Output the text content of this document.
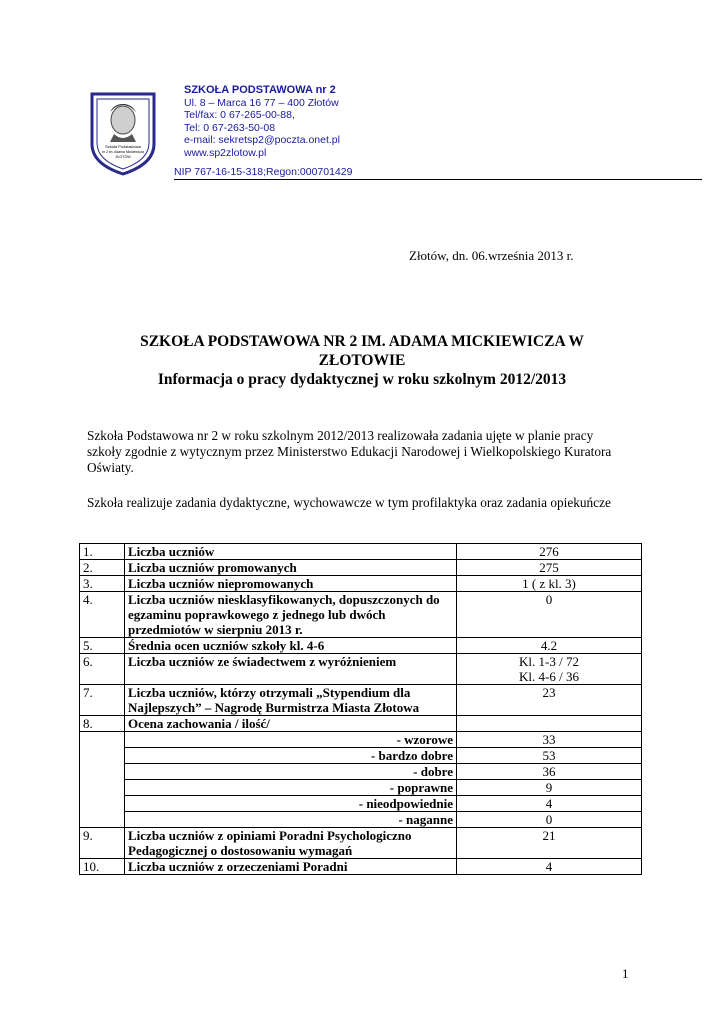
Szkoła Podstawowa
nr 2 im. Adama Mickiewicza
ZŁOTÓW
SZKOŁA PODSTAWOWA nr 2
Ul. 8 – Marca 16 77 – 400 Złotów
Tel/fax: 0 67-265-00-88,
Tel: 0 67-263-50-08
e-mail: sekretsp2@poczta.onet.pl
www.sp2zlotow.pl
NIP 767-16-15-318;Regon:000701429
Złotów, dn. 06.września 2013 r.
SZKOŁA PODSTAWOWA NR 2 IM. ADAMA MICKIEWICZA W
ZŁOTOWIE
Informacja o pracy dydaktycznej w roku szkolnym 2012/2013
Szkoła Podstawowa nr 2 w roku szkolnym 2012/2013 realizowała zadania ujęte w planie pracy szkoły zgodnie z wytycznym przez Ministerstwo Edukacji Narodowej i Wielkopolskiego Kuratora Oświaty.
Szkoła realizuje zadania dydaktyczne, wychowawcze w tym profilaktyka oraz zadania opiekuńcze
1.	Liczba uczniów	276
2.	Liczba uczniów promowanych	275
3.	Liczba uczniów niepromowanych	1 ( z kl. 3)
4.	Liczba uczniów niesklasyfikowanych, dopuszczonych do egzaminu poprawkowego z jednego lub dwóch przedmiotów w sierpniu 2013 r.	0
5.	Średnia ocen uczniów szkoły kl. 4-6	4.2
6.	Liczba uczniów ze świadectwem z wyróżnieniem	Kl. 1-3 / 72
Kl. 4-6 / 36

7.	Liczba uczniów, którzy otrzymali „Stypendium dla Najlepszych” – Nagrodę Burmistrza Miasta Złotowa	23
8.	Ocena zachowania / ilość/	
	- wzorowe	33
	- bardzo dobre	53
	- dobre	36
	- poprawne	9
	- nieodpowiednie	4
	- naganne	0
9.	Liczba uczniów z opiniami Poradni Psychologiczno Pedagogicznej o dostosowaniu wymagań	21
10.	Liczba uczniów z orzeczeniami Poradni	4
1
